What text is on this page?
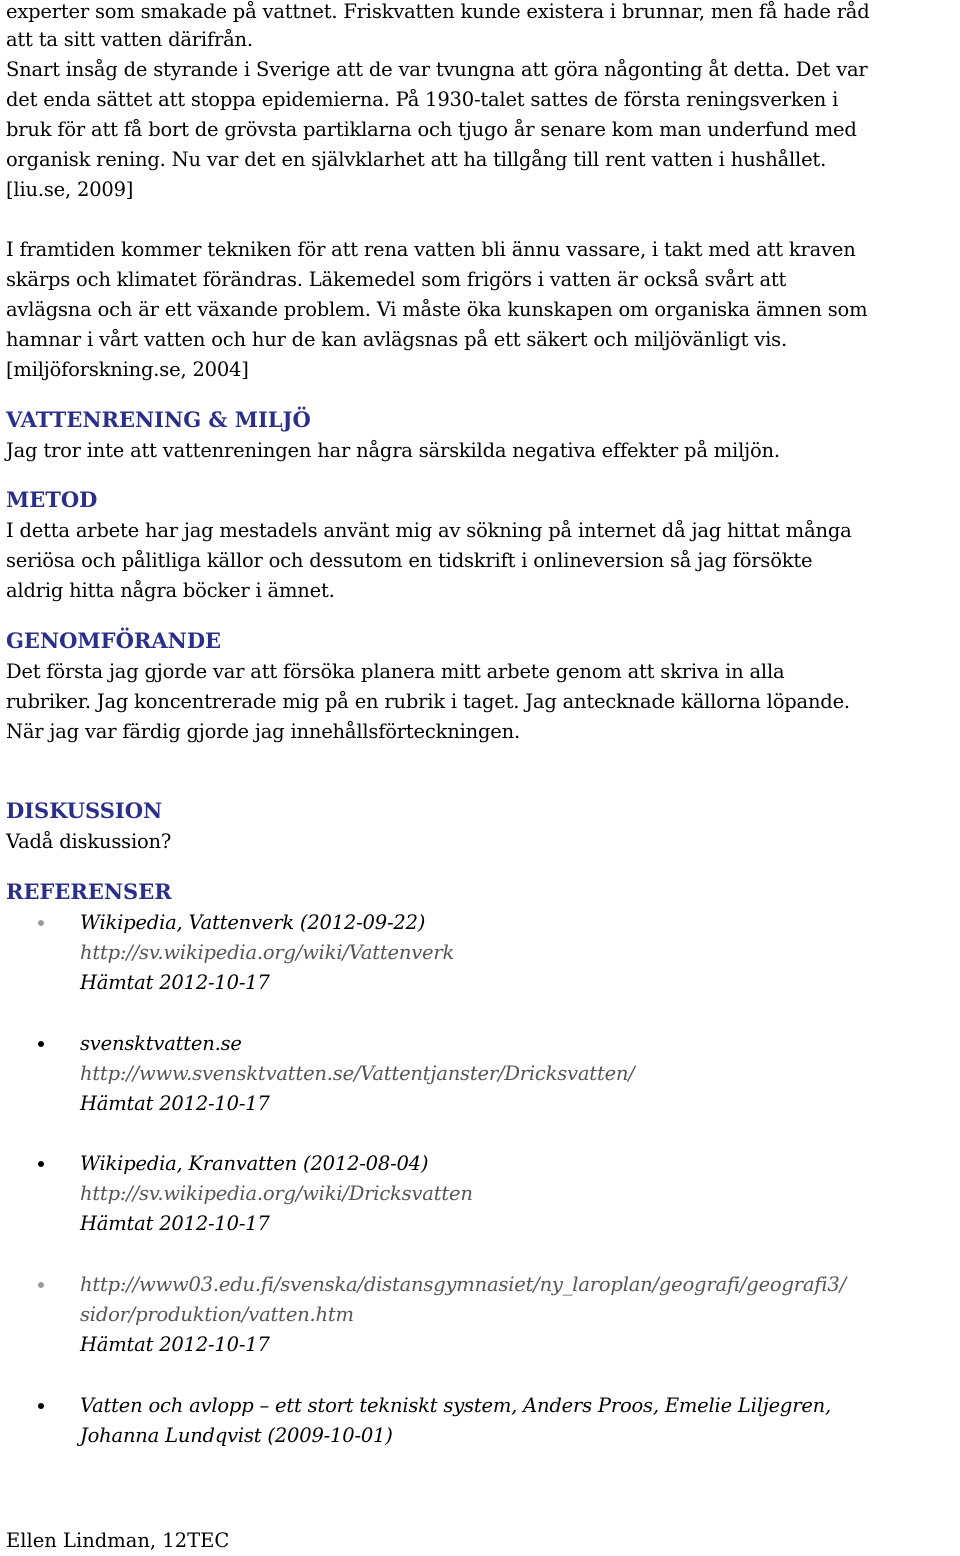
experter som smakade på vattnet. Friskvatten kunde existera i brunnar, men få hade råd

att ta sitt vatten därifrån.

Snart insåg de styrande i Sverige att de var tvungna att göra någonting åt detta. Det var

det enda sättet att stoppa epidemierna. På 1930-talet sattes de första reningsverken i

bruk för att få bort de grövsta partiklarna och tjugo år senare kom man underfund med

organisk rening. Nu var det en självklarhet att ha tillgång till rent vatten i hushållet.

[liu.se, 2009]

I framtiden kommer tekniken för att rena vatten bli ännu vassare, i takt med att kraven

skärps och klimatet förändras. Läkemedel som frigörs i vatten är också svårt att

avlägsna och är ett växande problem. Vi måste öka kunskapen om organiska ämnen som

hamnar i vårt vatten och hur de kan avlägsnas på ett säkert och miljövänligt vis.

[miljöforskning.se, 2004]

VATTENRENING & MILJÖ

Jag tror inte att vattenreningen har några särskilda negativa effekter på miljön.

METOD

I detta arbete har jag mestadels använt mig av sökning på internet då jag hittat många

seriösa och pålitliga källor och dessutom en tidskrift i onlineversion så jag försökte

aldrig hitta några böcker i ämnet.

GENOMFÖRANDE

Det första jag gjorde var att försöka planera mitt arbete genom att skriva in alla

rubriker. Jag koncentrerade mig på en rubrik i taget. Jag antecknade källorna löpande.

När jag var färdig gjorde jag innehållsförteckningen.

DISKUSSION

Vadå diskussion?

REFERENSER

Wikipedia, Vattenverk (2012-09-22)

http://sv.wikipedia.org/wiki/Vattenverk

Hämtat 2012-10-17

svensktvatten.se

http://www.svensktvatten.se/Vattentjanster/Dricksvatten/

Hämtat 2012-10-17

Wikipedia, Kranvatten (2012-08-04)

http://sv.wikipedia.org/wiki/Dricksvatten

Hämtat 2012-10-17

http://www03.edu.fi/svenska/distansgymnasiet/ny_laroplan/geografi/geografi3/

sidor/produktion/vatten.htm

Hämtat 2012-10-17

Vatten och avlopp – ett stort tekniskt system, Anders Proos, Emelie Liljegren,

Johanna Lundqvist (2009-10-01)

Ellen Lindman, 12TEC
